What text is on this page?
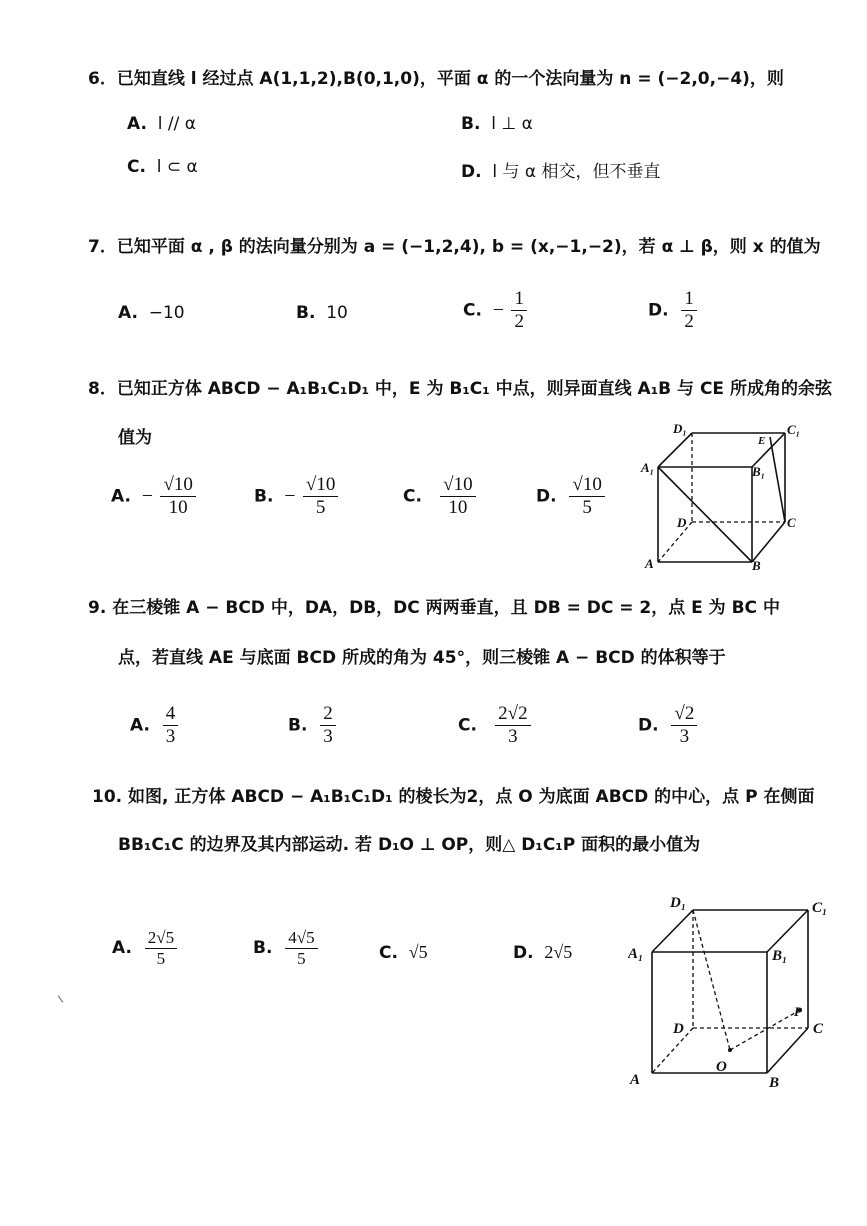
6．已知直线 l 经过点 A(1,1,2),B(0,1,0)，平面 α 的一个法向量为 n = (−2,0,−4)，则
A. l // α	B. l ⊥ α
C. l ⊂ α	D. l 与 α 相交，但不垂直
7．已知平面 α , β 的法向量分别为 a = (−1,2,4), b = (x,−1,−2)，若 α ⊥ β，则 x 的值为
A. −10	B. 10	C. − $\frac{1}{2}$	D. $\frac{1}{2}$
8．已知正方体 ABCD − A₁B₁C₁D₁ 中，E 为 B₁C₁ 中点，则异面直线 A₁B 与 CE 所成角的余弦
值为
A. − $\frac{√10}{10}$	B. − $\frac{√10}{5}$	C. $\frac{√10}{10}$	D. $\frac{√10}{5}$
D₁	C₁
E
A₁	B₁
D	C
A	B
9. 在三棱锥 A − BCD 中，DA，DB，DC 两两垂直，且 DB = DC = 2，点 E 为 BC 中
点，若直线 AE 与底面 BCD 所成的角为 45°，则三棱锥 A − BCD 的体积等于
A. $\frac{4}{3}$	B. $\frac{2}{3}$	C. $\frac{2√2}{3}$	D. $\frac{√2}{3}$
10. 如图, 正方体 ABCD − A₁B₁C₁D₁ 的棱长为2，点 O 为底面 ABCD 的中心，点 P 在侧面
BB₁C₁C 的边界及其内部运动. 若 D₁O ⊥ OP，则△ D₁C₁P 面积的最小值为
A. $\frac{2√5}{5}$	B. $\frac{4√5}{5}$	C. √5	D. 2√5
D₁	C₁
A₁	B₁
P
D	C
O
A	B
